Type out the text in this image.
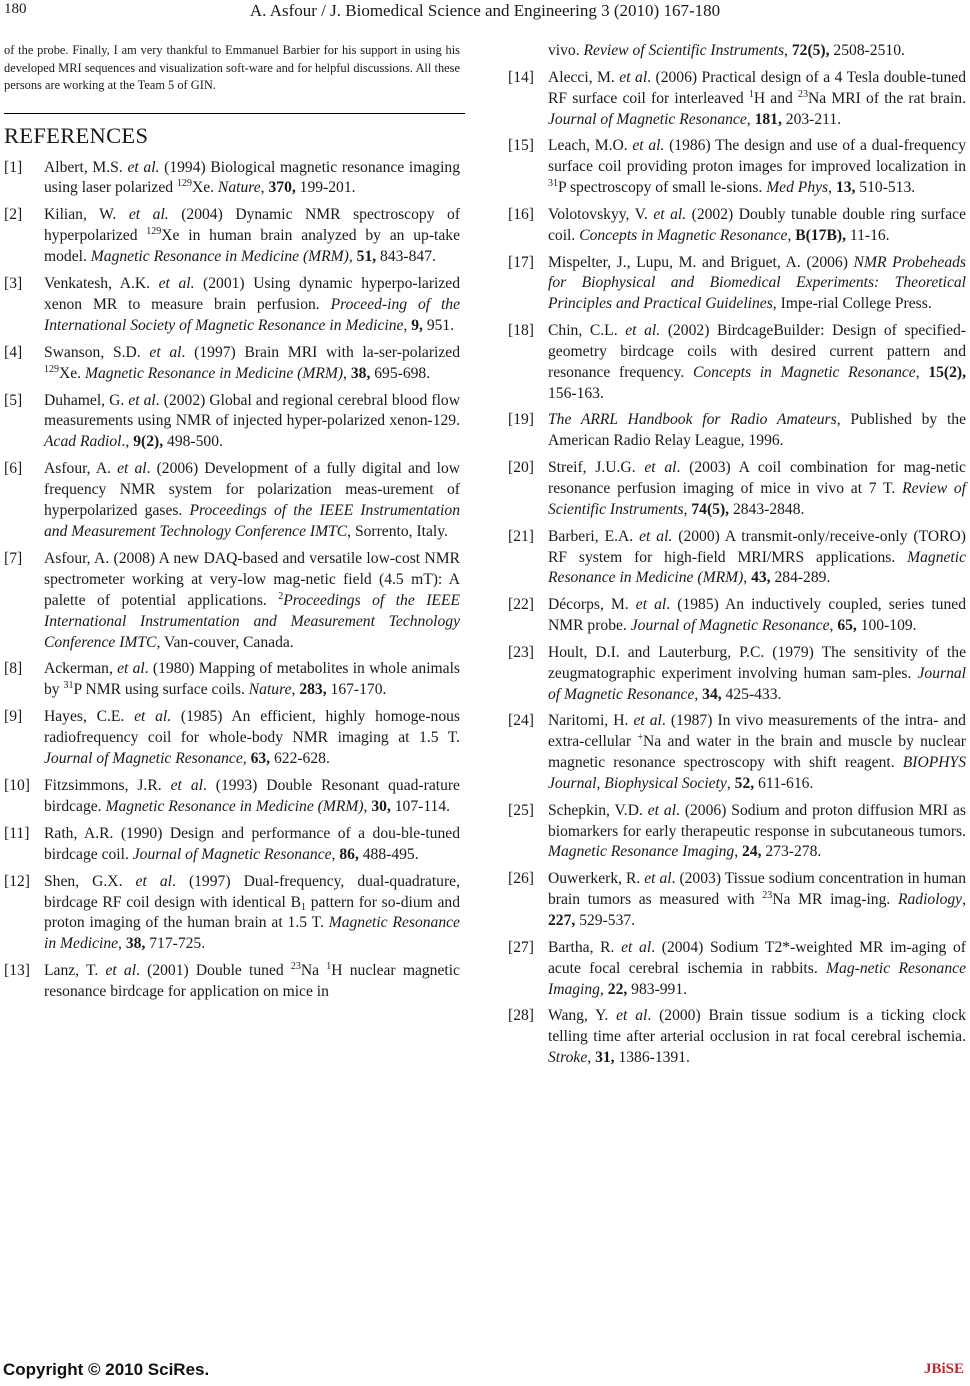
180	A. Asfour / J. Biomedical Science and Engineering 3 (2010) 167-180

of the probe. Finally, I am very thankful to Emmanuel Barbier for his support in using his developed MRI sequences and visualization soft-ware and for helpful discussions. All these persons are working at the Team 5 of GIN.

REFERENCES
[1] Albert, M.S. et al. (1994) Biological magnetic resonance imaging using laser polarized $^{129}$Xe. Nature, 370, 199-201.
[2] Kilian, W. et al. (2004) Dynamic NMR spectroscopy of hyperpolarized $^{129}$Xe in human brain analyzed by an up-take model. Magnetic Resonance in Medicine (MRM), 51, 843-847.
[3] Venkatesh, A.K. et al. (2001) Using dynamic hyperpo-larized xenon MR to measure brain perfusion. Proceed-ing of the International Society of Magnetic Resonance in Medicine, 9, 951.
[4] Swanson, S.D. et al. (1997) Brain MRI with la-ser-polarized $^{129}$Xe. Magnetic Resonance in Medicine (MRM), 38, 695-698.
[5] Duhamel, G. et al. (2002) Global and regional cerebral blood flow measurements using NMR of injected hyper-polarized xenon-129. Acad Radiol., 9(2), 498-500.
[6] Asfour, A. et al. (2006) Development of a fully digital and low frequency NMR system for polarization meas-urement of hyperpolarized gases. Proceedings of the IEEE Instrumentation and Measurement Technology Conference IMTC, Sorrento, Italy.
[7] Asfour, A. (2008) A new DAQ-based and versatile low-cost NMR spectrometer working at very-low mag-netic field (4.5 mT): A palette of potential applications. $^2$Proceedings of the IEEE International Instrumentation and Measurement Technology Conference IMTC, Van-couver, Canada.
[8] Ackerman, et al. (1980) Mapping of metabolites in whole animals by $^{31}$P NMR using surface coils. Nature, 283, 167-170.
[9] Hayes, C.E. et al. (1985) An efficient, highly homoge-nous radiofrequency coil for whole-body NMR imaging at 1.5 T. Journal of Magnetic Resonance, 63, 622-628.
[10] Fitzsimmons, J.R. et al. (1993) Double Resonant quad-rature birdcage. Magnetic Resonance in Medicine (MRM), 30, 107-114.
[11] Rath, A.R. (1990) Design and performance of a dou-ble-tuned birdcage coil. Journal of Magnetic Resonance, 86, 488-495.
[12] Shen, G.X. et al. (1997) Dual-frequency, dual-quadrature, birdcage RF coil design with identical $B_1$ pattern for so-dium and proton imaging of the human brain at 1.5 T. Magnetic Resonance in Medicine, 38, 717-725.
[13] Lanz, T. et al. (2001) Double tuned $^{23}$Na $^1$H nuclear magnetic resonance birdcage for application on mice in
vivo. Review of Scientific Instruments, 72(5), 2508-2510.
[14] Alecci, M. et al. (2006) Practical design of a 4 Tesla double-tuned RF surface coil for interleaved $^1$H and $^{23}$Na MRI of the rat brain. Journal of Magnetic Resonance, 181, 203-211.
[15] Leach, M.O. et al. (1986) The design and use of a dual-frequency surface coil providing proton images for improved localization in $^{31}$P spectroscopy of small le-sions. Med Phys, 13, 510-513.
[16] Volotovskyy, V. et al. (2002) Doubly tunable double ring surface coil. Concepts in Magnetic Resonance, B(17B), 11-16.
[17] Mispelter, J., Lupu, M. and Briguet, A. (2006) NMR Probeheads for Biophysical and Biomedical Experiments: Theoretical Principles and Practical Guidelines, Impe-rial College Press.
[18] Chin, C.L. et al. (2002) BirdcageBuilder: Design of specified-geometry birdcage coils with desired current pattern and resonance frequency. Concepts in Magnetic Resonance, 15(2), 156-163.
[19] The ARRL Handbook for Radio Amateurs, Published by the American Radio Relay League, 1996.
[20] Streif, J.U.G. et al. (2003) A coil combination for mag-netic resonance perfusion imaging of mice in vivo at 7 T. Review of Scientific Instruments, 74(5), 2843-2848.
[21] Barberi, E.A. et al. (2000) A transmit-only/receive-only (TORO) RF system for high-field MRI/MRS applications. Magnetic Resonance in Medicine (MRM), 43, 284-289.
[22] Décorps, M. et al. (1985) An inductively coupled, series tuned NMR probe. Journal of Magnetic Resonance, 65, 100-109.
[23] Hoult, D.I. and Lauterburg, P.C. (1979) The sensitivity of the zeugmatographic experiment involving human sam-ples. Journal of Magnetic Resonance, 34, 425-433.
[24] Naritomi, H. et al. (1987) In vivo measurements of the intra- and extra-cellular +Na and water in the brain and muscle by nuclear magnetic resonance spectroscopy with shift reagent. BIOPHYS Journal, Biophysical Society, 52, 611-616.
[25] Schepkin, V.D. et al. (2006) Sodium and proton diffusion MRI as biomarkers for early therapeutic response in subcutaneous tumors. Magnetic Resonance Imaging, 24, 273-278.
[26] Ouwerkerk, R. et al. (2003) Tissue sodium concentration in human brain tumors as measured with $^{23}$Na MR imag-ing. Radiology, 227, 529-537.
[27] Bartha, R. et al. (2004) Sodium T2*-weighted MR im-aging of acute focal cerebral ischemia in rabbits. Mag-netic Resonance Imaging, 22, 983-991.
[28] Wang, Y. et al. (2000) Brain tissue sodium is a ticking clock telling time after arterial occlusion in rat focal cerebral ischemia. Stroke, 31, 1386-1391.
Copyright © 2010 SciRes.	JBiSE
